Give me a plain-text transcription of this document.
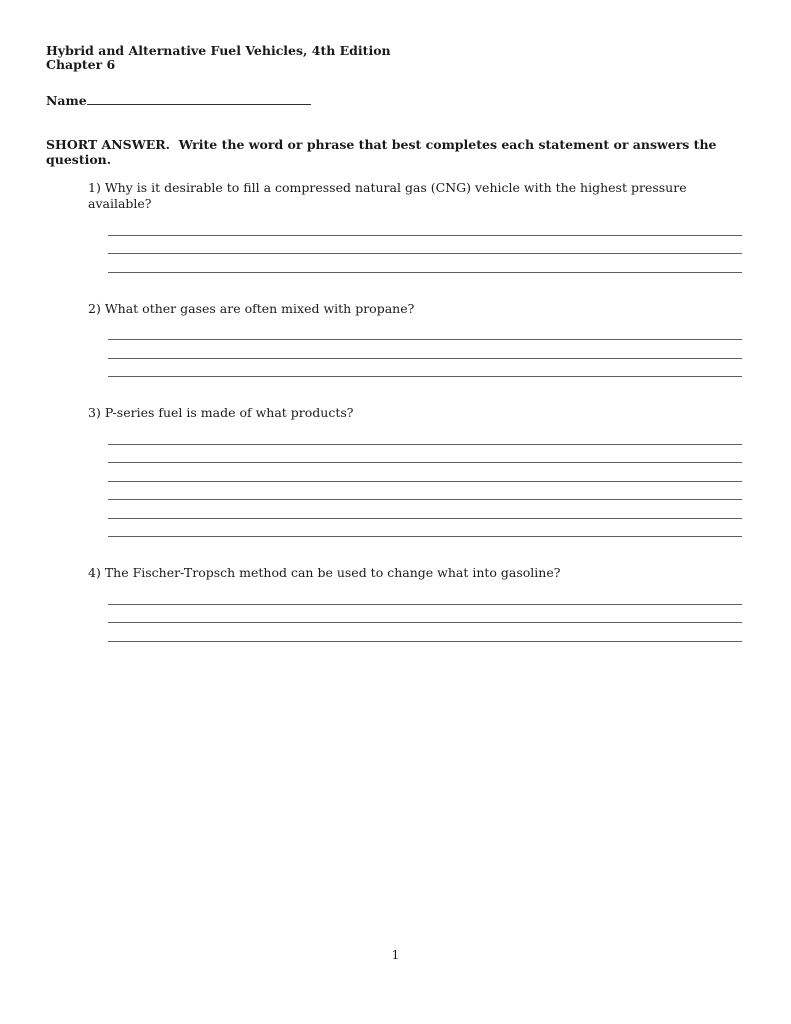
Hybrid and Alternative Fuel Vehicles, 4th Edition
Chapter 6
Name
SHORT ANSWER.  Write the word or phrase that best completes each statement or answers the question.

1) Why is it desirable to fill a compressed natural gas (CNG) vehicle with the highest pressure available?

2) What other gases are often mixed with propane?

3) P-series fuel is made of what products?

4) The Fischer-Tropsch method can be used to change what into gasoline?

1
